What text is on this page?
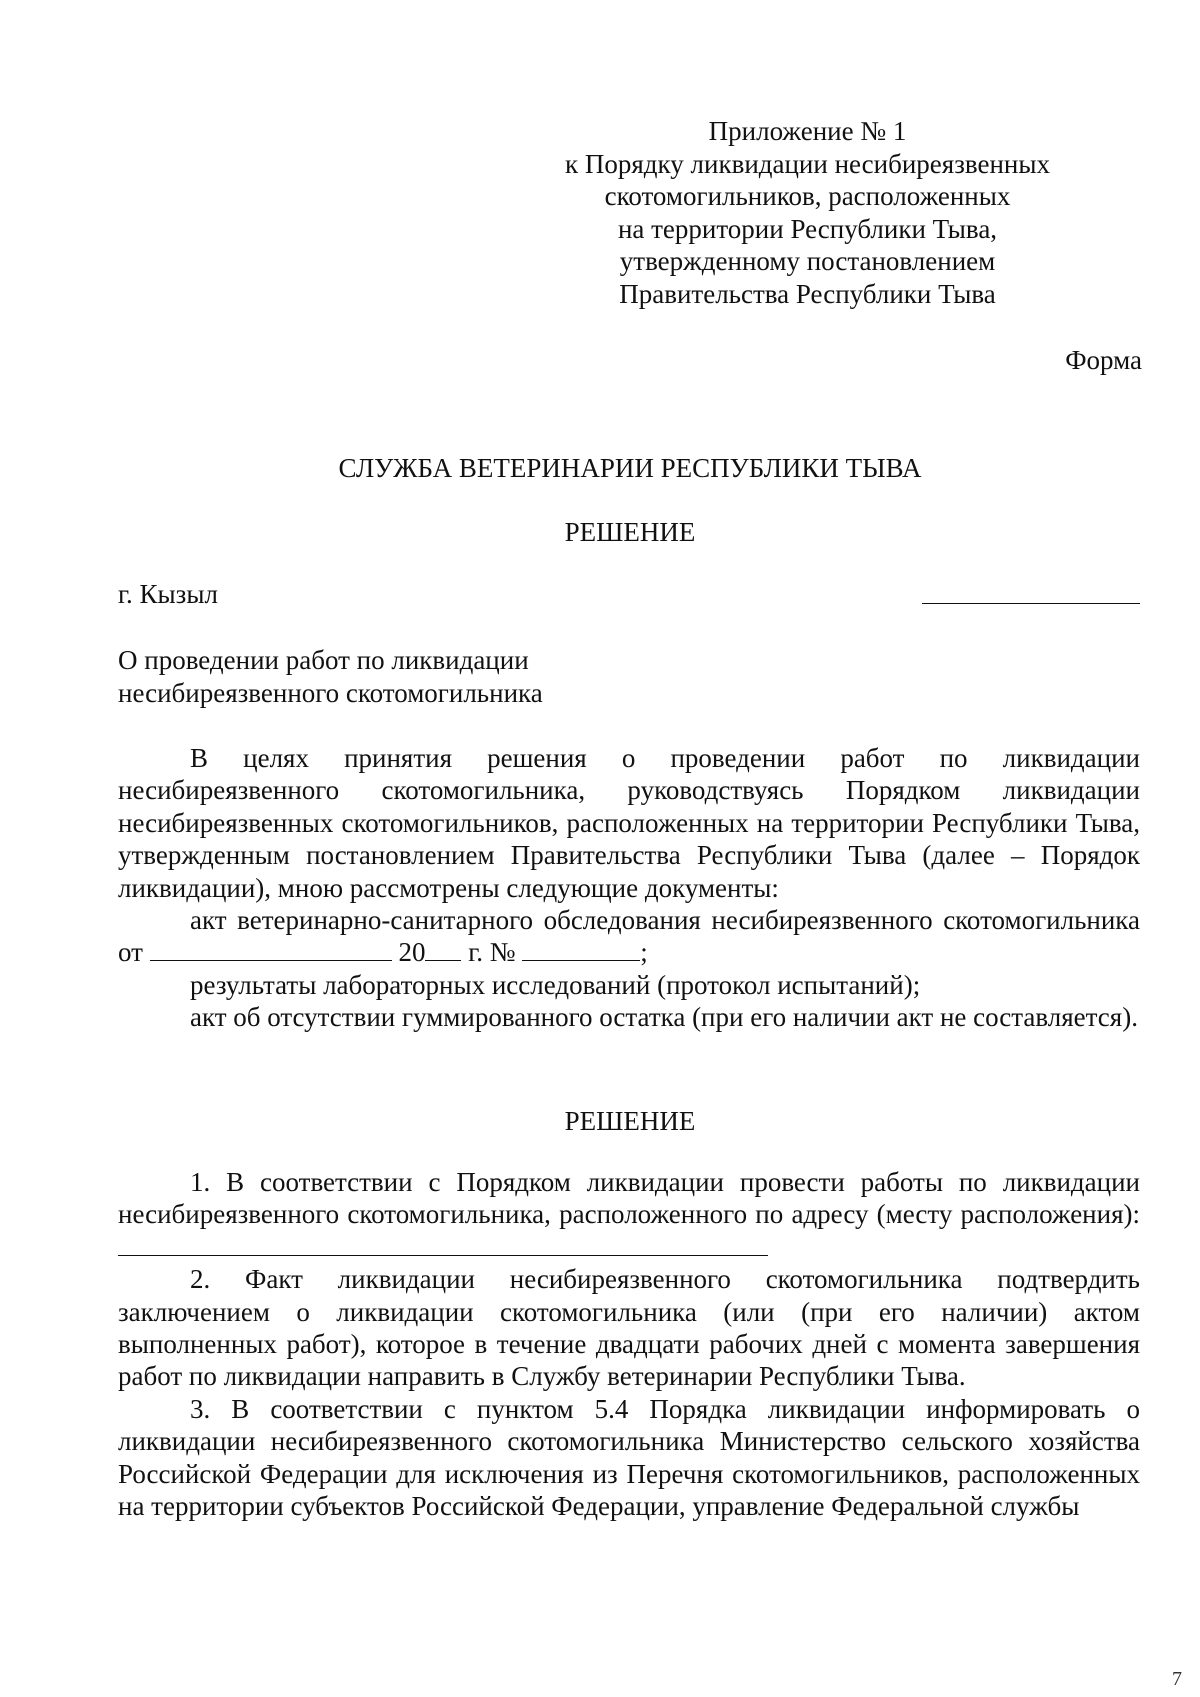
Приложение № 1
к Порядку ликвидации несибиреязвенных
скотомогильников, расположенных
на территории Республики Тыва,
утвержденному постановлением
Правительства Республики Тыва
Форма
СЛУЖБА ВЕТЕРИНАРИИ РЕСПУБЛИКИ ТЫВА
РЕШЕНИЕ
г. Кызыл
О проведении работ по ликвидации
несибиреязвенного скотомогильника

В целях принятия решения о проведении работ по ликвидации несибиреязвенного скотомогильника, руководствуясь Порядком ликвидации несибиреязвенных скотомогильников, расположенных на территории Республики Тыва, утвержденным постановлением Правительства Республики Тыва (далее – Порядок ликвидации), мною рассмотрены следующие документы:

акт ветеринарно-санитарного обследования несибиреязвенного скотомогильника от	20 г. №	;

результаты лабораторных исследований (протокол испытаний);

акт об отсутствии гуммированного остатка (при его наличии акт не составляется).

РЕШЕНИЕ

1. В соответствии с Порядком ликвидации провести работы по ликвидации несибиреязвенного скотомогильника, расположенного по адресу (месту расположения):

2. Факт ликвидации несибиреязвенного скотомогильника подтвердить заключением о ликвидации скотомогильника (или (при его наличии) актом выполненных работ), которое в течение двадцати рабочих дней с момента завершения работ по ликвидации направить в Службу ветеринарии Республики Тыва.

3. В соответствии с пунктом 5.4 Порядка ликвидации информировать о ликвидации несибиреязвенного скотомогильника Министерство сельского хозяйства Российской Федерации для исключения из Перечня скотомогильников, расположенных на территории субъектов Российской Федерации, управление Федеральной службы

7
